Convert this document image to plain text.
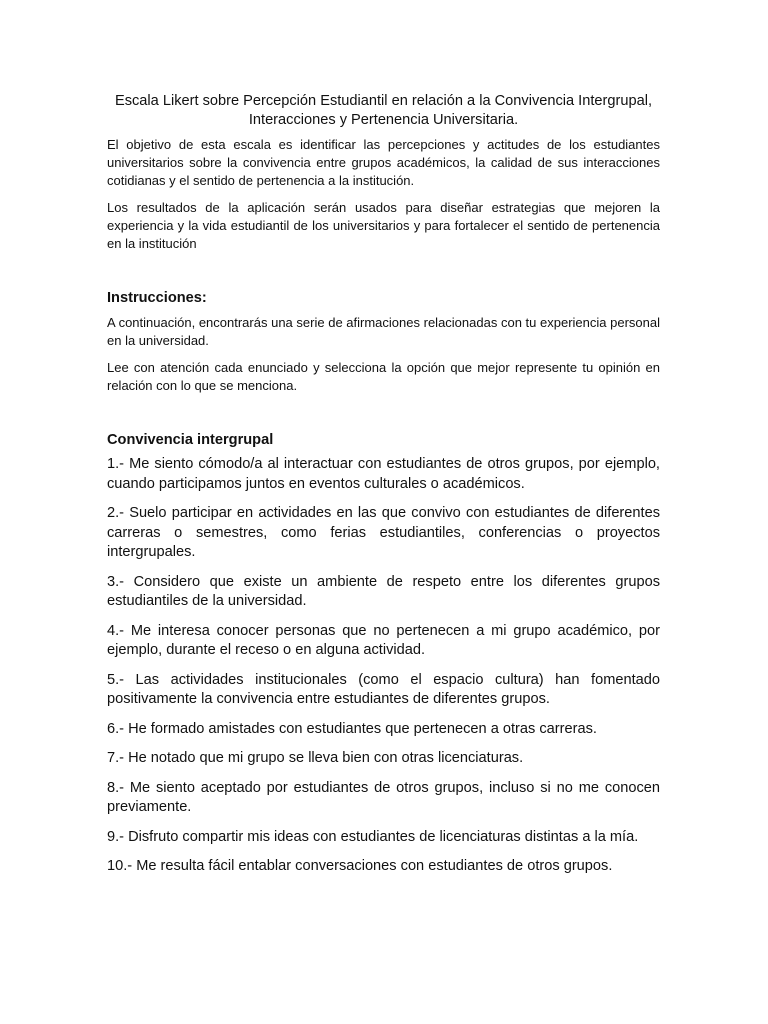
Escala Likert sobre Percepción Estudiantil en relación a la Convivencia Intergrupal,
Interacciones y Pertenencia Universitaria.

El objetivo de esta escala es identificar las percepciones y actitudes de los estudiantes universitarios sobre la convivencia entre grupos académicos, la calidad de sus interacciones cotidianas y el sentido de pertenencia a la institución.

Los resultados de la aplicación serán usados para diseñar estrategias que mejoren la experiencia y la vida estudiantil de los universitarios y para fortalecer el sentido de pertenencia en la institución

Instrucciones:

A continuación, encontrarás una serie de afirmaciones relacionadas con tu experiencia personal en la universidad.

Lee con atención cada enunciado y selecciona la opción que mejor represente tu opinión en relación con lo que se menciona.

Convivencia intergrupal
1.- Me siento cómodo/a al interactuar con estudiantes de otros grupos, por ejemplo, cuando participamos juntos en eventos culturales o académicos.
2.- Suelo participar en actividades en las que convivo con estudiantes de diferentes carreras o semestres, como ferias estudiantiles, conferencias o proyectos intergrupales.
3.- Considero que existe un ambiente de respeto entre los diferentes grupos estudiantiles de la universidad.
4.- Me interesa conocer personas que no pertenecen a mi grupo académico, por ejemplo, durante el receso o en alguna actividad.
5.- Las actividades institucionales (como el espacio cultura) han fomentado positivamente la convivencia entre estudiantes de diferentes grupos.
6.- He formado amistades con estudiantes que pertenecen a otras carreras.
7.- He notado que mi grupo se lleva bien con otras licenciaturas.
8.- Me siento aceptado por estudiantes de otros grupos, incluso si no me conocen previamente.
9.- Disfruto compartir mis ideas con estudiantes de licenciaturas distintas a la mía.
10.- Me resulta fácil entablar conversaciones con estudiantes de otros grupos.
